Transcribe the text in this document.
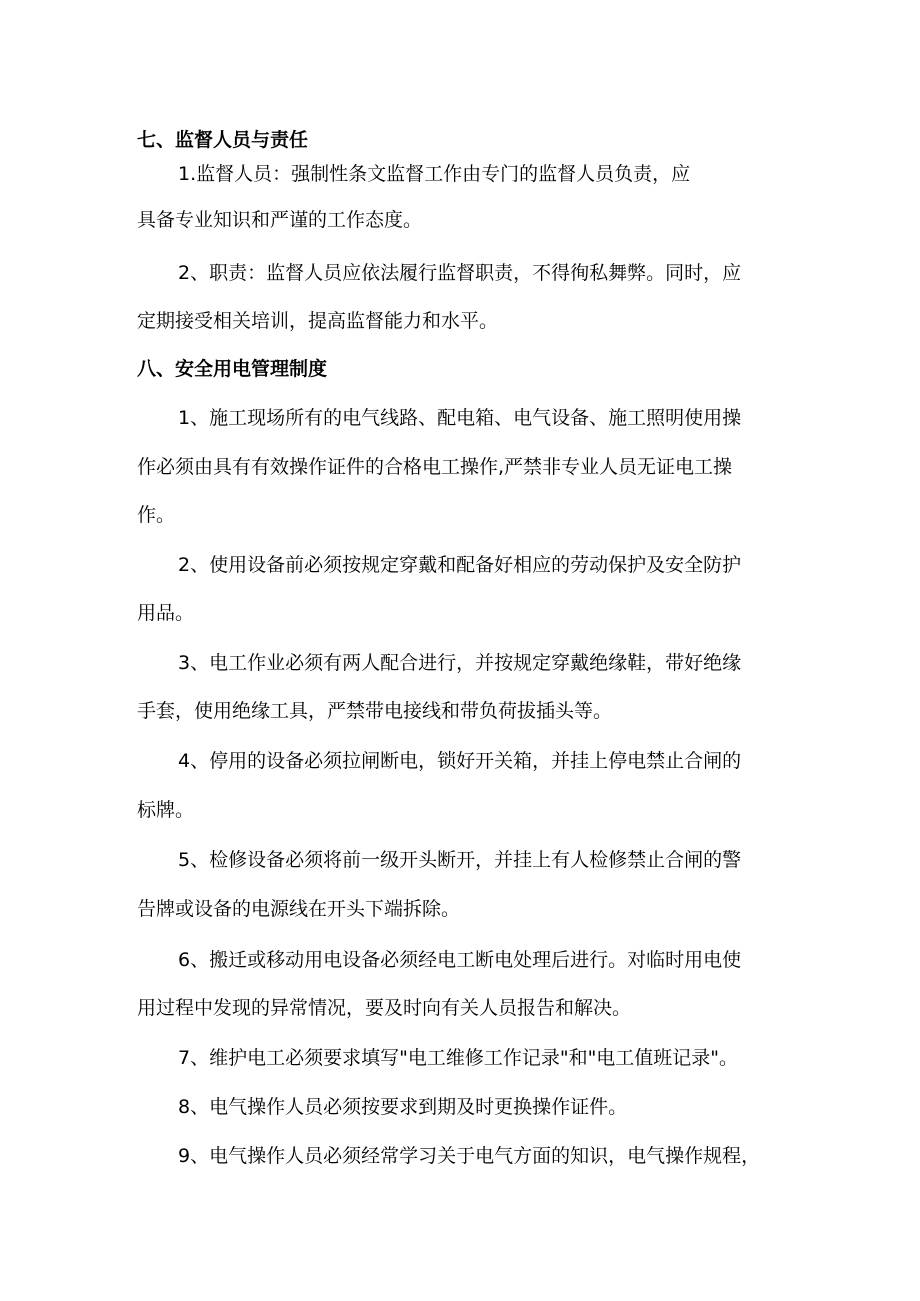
七、监督人员与责任
1.监督人员：强制性条文监督工作由专门的监督人员负责，应
具备专业知识和严谨的工作态度。
2、职责：监督人员应依法履行监督职责，不得徇私舞弊。同时，应
定期接受相关培训，提高监督能力和水平。
八、安全用电管理制度
1、施工现场所有的电气线路、配电箱、电气设备、施工照明使用操
作必须由具有有效操作证件的合格电工操作,严禁非专业人员无证电工操
作。
2、使用设备前必须按规定穿戴和配备好相应的劳动保护及安全防护
用品。
3、电工作业必须有两人配合进行，并按规定穿戴绝缘鞋，带好绝缘
手套，使用绝缘工具，严禁带电接线和带负荷拔插头等。
4、停用的设备必须拉闸断电，锁好开关箱，并挂上停电禁止合闸的
标牌。
5、检修设备必须将前一级开头断开，并挂上有人检修禁止合闸的警
告牌或设备的电源线在开头下端拆除。
6、搬迁或移动用电设备必须经电工断电处理后进行。对临时用电使
用过程中发现的异常情况，要及时向有关人员报告和解决。
7、维护电工必须要求填写"电工维修工作记录"和"电工值班记录"。
8、电气操作人员必须按要求到期及时更换操作证件。
9、电气操作人员必须经常学习关于电气方面的知识，电气操作规程，
